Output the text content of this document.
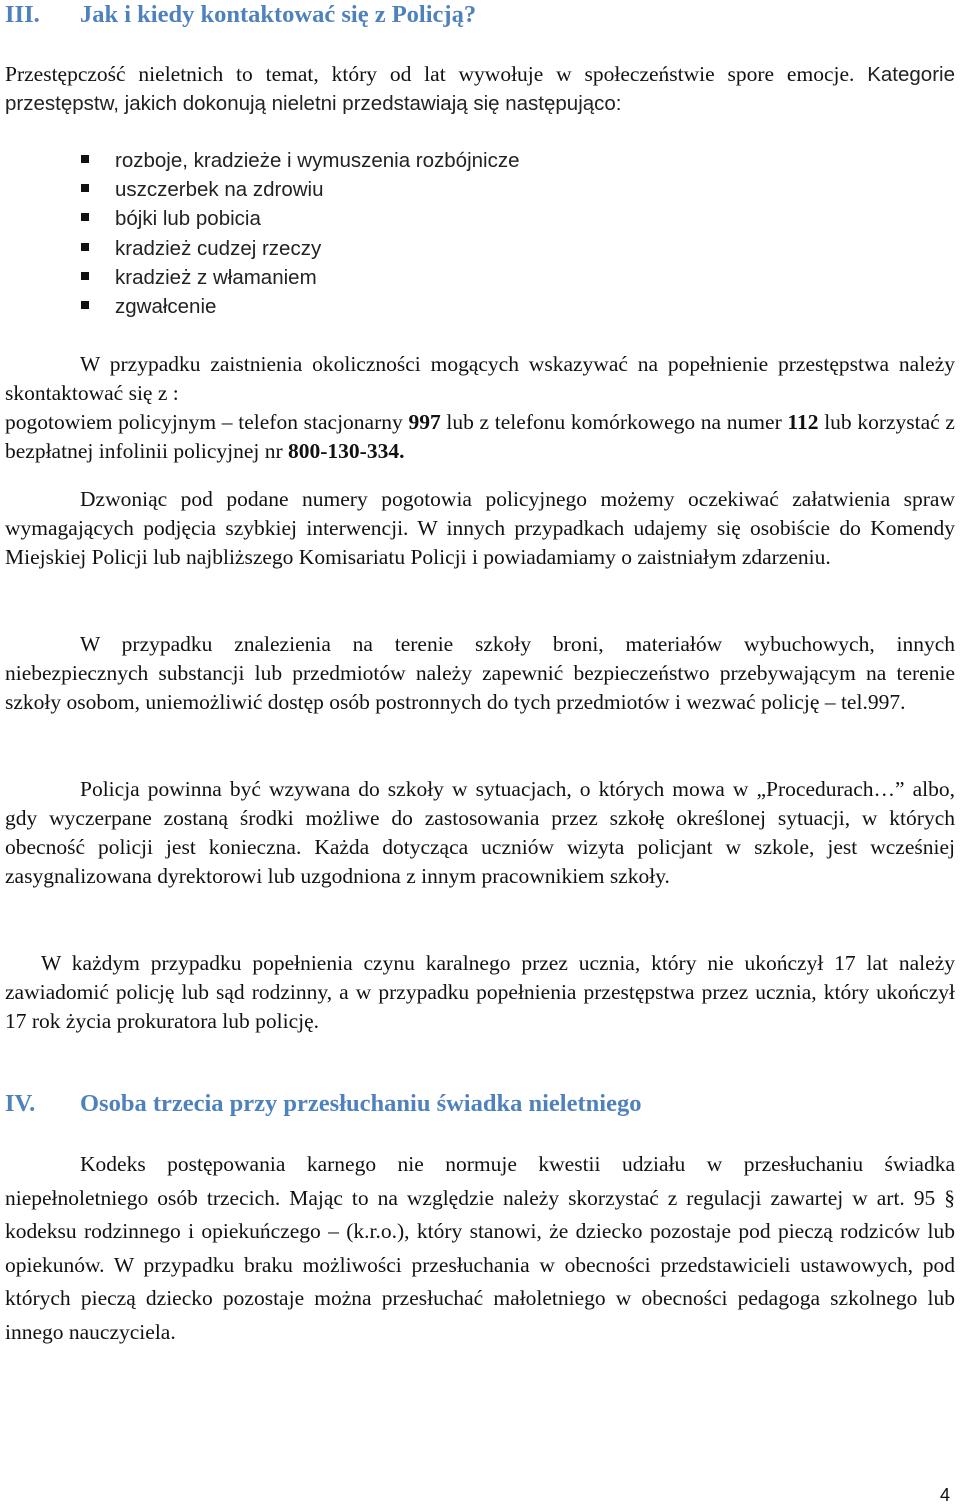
III.	Jak i kiedy kontaktować się z Policją?
Przestępczość nieletnich to temat, który od lat wywołuje w społeczeństwie spore emocje. Kategorie przestępstw, jakich dokonują nieletni przedstawiają się następująco:
rozboje, kradzieże i wymuszenia rozbójnicze
uszczerbek na zdrowiu
bójki lub pobicia
kradzież cudzej rzeczy
kradzież z włamaniem
zgwałcenie
W przypadku zaistnienia okoliczności mogących wskazywać na popełnienie przestępstwa należy skontaktować się z :
pogotowiem policyjnym – telefon stacjonarny 997 lub z telefonu komórkowego na numer 112 lub korzystać z bezpłatnej infolinii policyjnej nr 800-130-334.
Dzwoniąc pod podane numery pogotowia policyjnego możemy oczekiwać załatwienia spraw wymagających podjęcia szybkiej interwencji. W innych przypadkach udajemy się osobiście do Komendy Miejskiej Policji lub najbliższego Komisariatu Policji i powiadamiamy o zaistniałym zdarzeniu.
W przypadku znalezienia na terenie szkoły broni, materiałów wybuchowych, innych niebezpiecznych substancji lub przedmiotów należy zapewnić bezpieczeństwo przebywającym na terenie szkoły osobom, uniemożliwić dostęp osób postronnych do tych przedmiotów i wezwać policję – tel.997.
Policja powinna być wzywana do szkoły w sytuacjach, o których mowa w „Procedurach…” albo, gdy wyczerpane zostaną środki możliwe do zastosowania przez szkołę określonej sytuacji, w których obecność policji jest konieczna. Każda dotycząca uczniów wizyta policjant w szkole, jest wcześniej zasygnalizowana dyrektorowi lub uzgodniona z innym pracownikiem szkoły.
W każdym przypadku popełnienia czynu karalnego przez ucznia, który nie ukończył 17 lat należy zawiadomić policję lub sąd rodzinny, a w przypadku popełnienia przestępstwa przez ucznia, który ukończył 17 rok życia prokuratora lub policję.
IV.	Osoba trzecia przy przesłuchaniu świadka nieletniego
Kodeks postępowania karnego nie normuje kwestii udziału w przesłuchaniu świadka niepełnoletniego osób trzecich. Mając to na względzie należy skorzystać z regulacji zawartej w art. 95 § kodeksu rodzinnego i opiekuńczego – (k.r.o.), który stanowi, że dziecko pozostaje pod pieczą rodziców lub opiekunów. W przypadku braku możliwości przesłuchania w obecności przedstawicieli ustawowych, pod których pieczą dziecko pozostaje można przesłuchać małoletniego w obecności pedagoga szkolnego lub innego nauczyciela.
4
